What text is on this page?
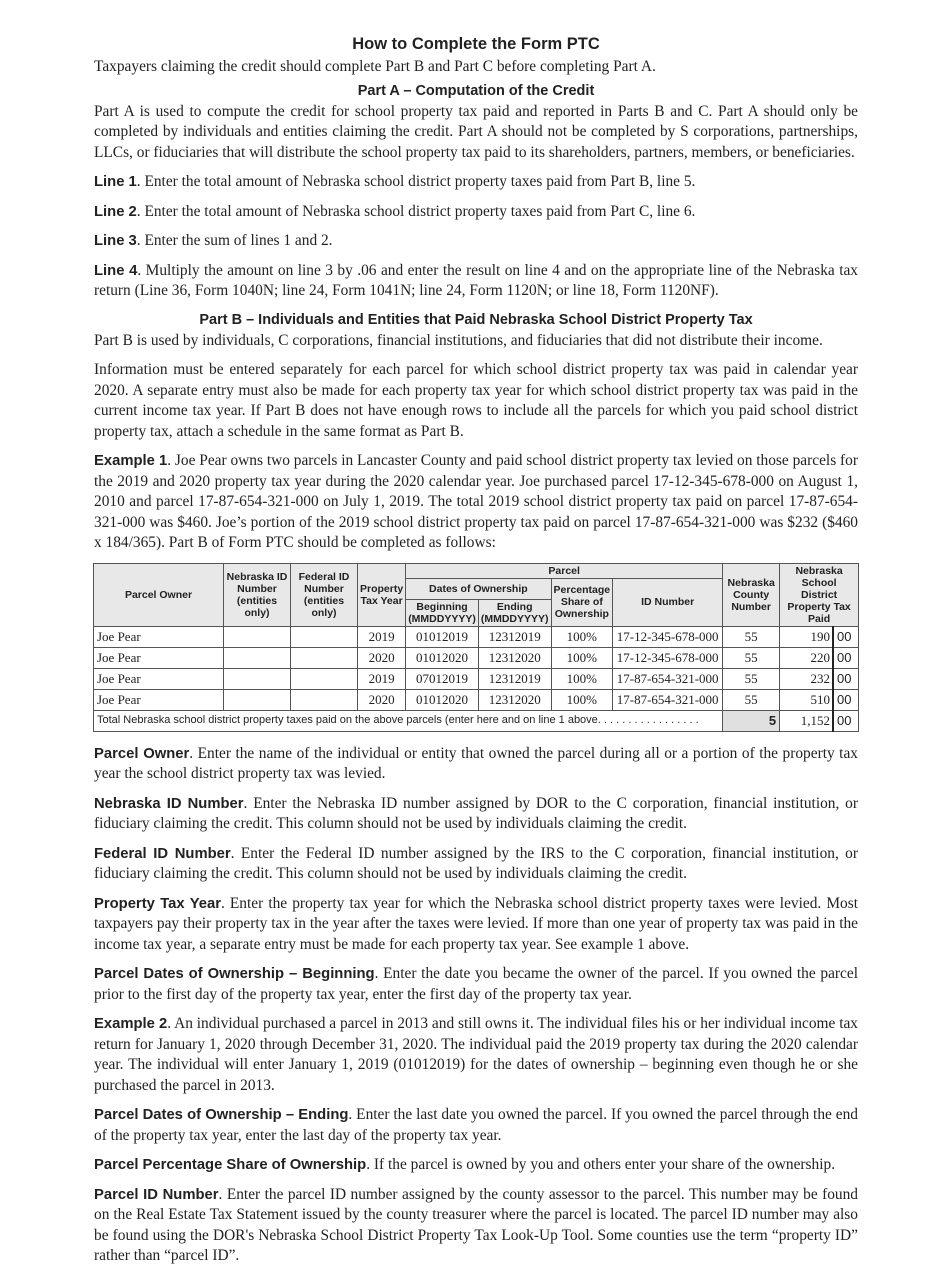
How to Complete the Form PTC

Taxpayers claiming the credit should complete Part B and Part C before completing Part A.

Part A – Computation of the Credit

Part A is used to compute the credit for school property tax paid and reported in Parts B and C. Part A should only be completed by individuals and entities claiming the credit. Part A should not be completed by S corporations, partnerships, LLCs, or fiduciaries that will distribute the school property tax paid to its shareholders, partners, members, or beneficiaries.

Line 1. Enter the total amount of Nebraska school district property taxes paid from Part B, line 5.

Line 2. Enter the total amount of Nebraska school district property taxes paid from Part C, line 6.

Line 3. Enter the sum of lines 1 and 2.

Line 4. Multiply the amount on line 3 by .06 and enter the result on line 4 and on the appropriate line of the Nebraska tax return (Line 36, Form 1040N; line 24, Form 1041N; line 24, Form 1120N; or line 18, Form 1120NF).

Part B – Individuals and Entities that Paid Nebraska School District Property Tax

Part B is used by individuals, C corporations, financial institutions, and fiduciaries that did not distribute their income.

Information must be entered separately for each parcel for which school district property tax was paid in calendar year 2020. A separate entry must also be made for each property tax year for which school district property tax was paid in the current income tax year. If Part B does not have enough rows to include all the parcels for which you paid school district property tax, attach a schedule in the same format as Part B.

Example 1. Joe Pear owns two parcels in Lancaster County and paid school district property tax levied on those parcels for the 2019 and 2020 property tax year during the 2020 calendar year. Joe purchased parcel 17-12-345-678-000 on August 1, 2010 and parcel 17-87-654-321-000 on July 1, 2019. The total 2019 school district property tax paid on parcel 17-87-654-321-000 was $460. Joe’s portion of the 2019 school district property tax paid on parcel 17-87-654-321-000 was $232 ($460 x 184/365). Part B of Form PTC should be completed as follows:

Parcel Owner	Nebraska ID Number (entities only)	Federal ID Number (entities only)	Property Tax Year	Parcel				Nebraska County Number	Nebraska School District Property Tax Paid	
				Dates of Ownership		Percentage Share of Ownership	ID Number			
				Beginning (MMDDYYYY)	Ending (MMDDYYYY)					
Joe Pear			2019	01012019	12312019	100%	17-12-345-678-000	55	190	00
Joe Pear			2020	01012020	12312020	100%	17-12-345-678-000	55	220	00
Joe Pear			2019	07012019	12312019	100%	17-87-654-321-000	55	232	00
Joe Pear			2020	01012020	12312020	100%	17-87-654-321-000	55	510	00
Total Nebraska school district property taxes paid on the above parcels (enter here and on line 1 above. . . . . . . . . . . . . . . . .								5	1,152	00

Parcel Owner. Enter the name of the individual or entity that owned the parcel during all or a portion of the property tax year the school district property tax was levied.

Nebraska ID Number. Enter the Nebraska ID number assigned by DOR to the C corporation, financial institution, or fiduciary claiming the credit. This column should not be used by individuals claiming the credit.

Federal ID Number. Enter the Federal ID number assigned by the IRS to the C corporation, financial institution, or fiduciary claiming the credit. This column should not be used by individuals claiming the credit.

Property Tax Year. Enter the property tax year for which the Nebraska school district property taxes were levied. Most taxpayers pay their property tax in the year after the taxes were levied. If more than one year of property tax was paid in the income tax year, a separate entry must be made for each property tax year. See example 1 above.

Parcel Dates of Ownership – Beginning. Enter the date you became the owner of the parcel. If you owned the parcel prior to the first day of the property tax year, enter the first day of the property tax year.

Example 2. An individual purchased a parcel in 2013 and still owns it. The individual files his or her individual income tax return for January 1, 2020 through December 31, 2020. The individual paid the 2019 property tax during the 2020 calendar year. The individual will enter January 1, 2019 (01012019) for the dates of ownership – beginning even though he or she purchased the parcel in 2013.

Parcel Dates of Ownership – Ending. Enter the last date you owned the parcel. If you owned the parcel through the end of the property tax year, enter the last day of the property tax year.

Parcel Percentage Share of Ownership. If the parcel is owned by you and others enter your share of the ownership.

Parcel ID Number. Enter the parcel ID number assigned by the county assessor to the parcel. This number may be found on the Real Estate Tax Statement issued by the county treasurer where the parcel is located. The parcel ID number may also be found using the DOR's Nebraska School District Property Tax Look-Up Tool. Some counties use the term “property ID” rather than “parcel ID”.
